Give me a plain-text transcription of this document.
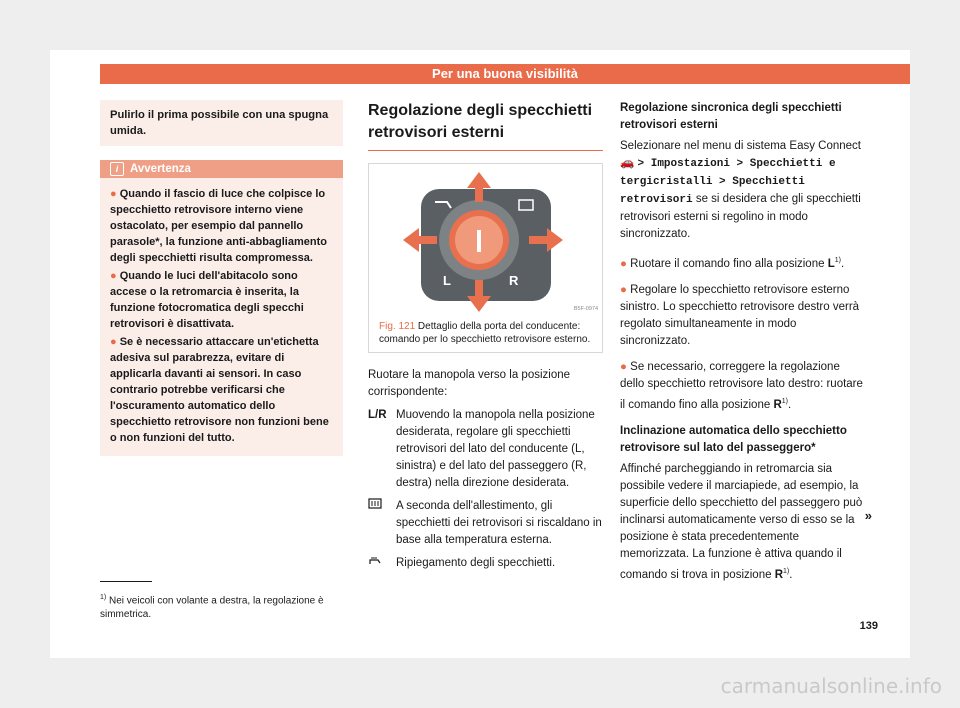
Per una buona visibilità
Pulirlo il prima possibile con una spugna umida.
i	Avvertenza

● Quando il fascio di luce che colpisce lo specchietto retrovisore interno viene ostacolato, per esempio dal pannello parasole*, la funzione anti-abbagliamento degli specchietti risulta compromessa.

● Quando le luci dell'abitacolo sono accese o la retromarcia è inserita, la funzione fotocromatica degli specchi retrovisori è disattivata.

● Se è necessario attaccare un'etichetta adesiva sul parabrezza, evitare di applicarla davanti ai sensori. In caso contrario potrebbe verificarsi che l'oscuramento automatico dello specchietto retrovisore non funzioni bene o non funzioni del tutto.

Regolazione degli specchietti retrovisori esterni
L	R
B5F-0974
Fig. 121 Dettaglio della porta del conducente: comando per lo specchietto retrovisore esterno.

Ruotare la manopola verso la posizione corrispondente:

L/R Muovendo la manopola nella posizione desiderata, regolare gli specchietti retrovisori del lato del conducente (L, sinistra) e del lato del passeggero (R, destra) nella direzione desiderata.
A seconda dell'allestimento, gli specchietti dei retrovisori si riscaldano in base alla temperatura esterna.
Ripiegamento degli specchietti.
Regolazione sincronica degli specchietti retrovisori esterni

Selezionare nel menu di sistema Easy Connect 🚗 > Impostazioni > Specchietti e tergicristalli > Specchietti retrovisori se si desidera che gli specchietti retrovisori esterni si regolino in modo sincronizzato.

● Ruotare il comando fino alla posizione $L^{1)}$.

● Regolare lo specchietto retrovisore esterno sinistro. Lo specchietto retrovisore destro verrà regolato simultaneamente in modo sincronizzato.

● Se necessario, correggere la regolazione dello specchietto retrovisore lato destro: ruotare il comando fino alla posizione $R^{1)}$.

Inclinazione automatica dello specchietto retrovisore sul lato del passeggero*

Affinché parcheggiando in retromarcia sia possibile vedere il marciapiede, ad esempio, la superficie dello specchietto del passeggero può inclinarsi automaticamente verso di esso se la posizione è stata precedentemente memorizzata. La funzione è attiva quando il comando si trova in posizione $R^{1)}$.

»
$^{1)}$ Nei veicoli con volante a destra, la regolazione è simmetrica.
139
carmanualsonline.info
